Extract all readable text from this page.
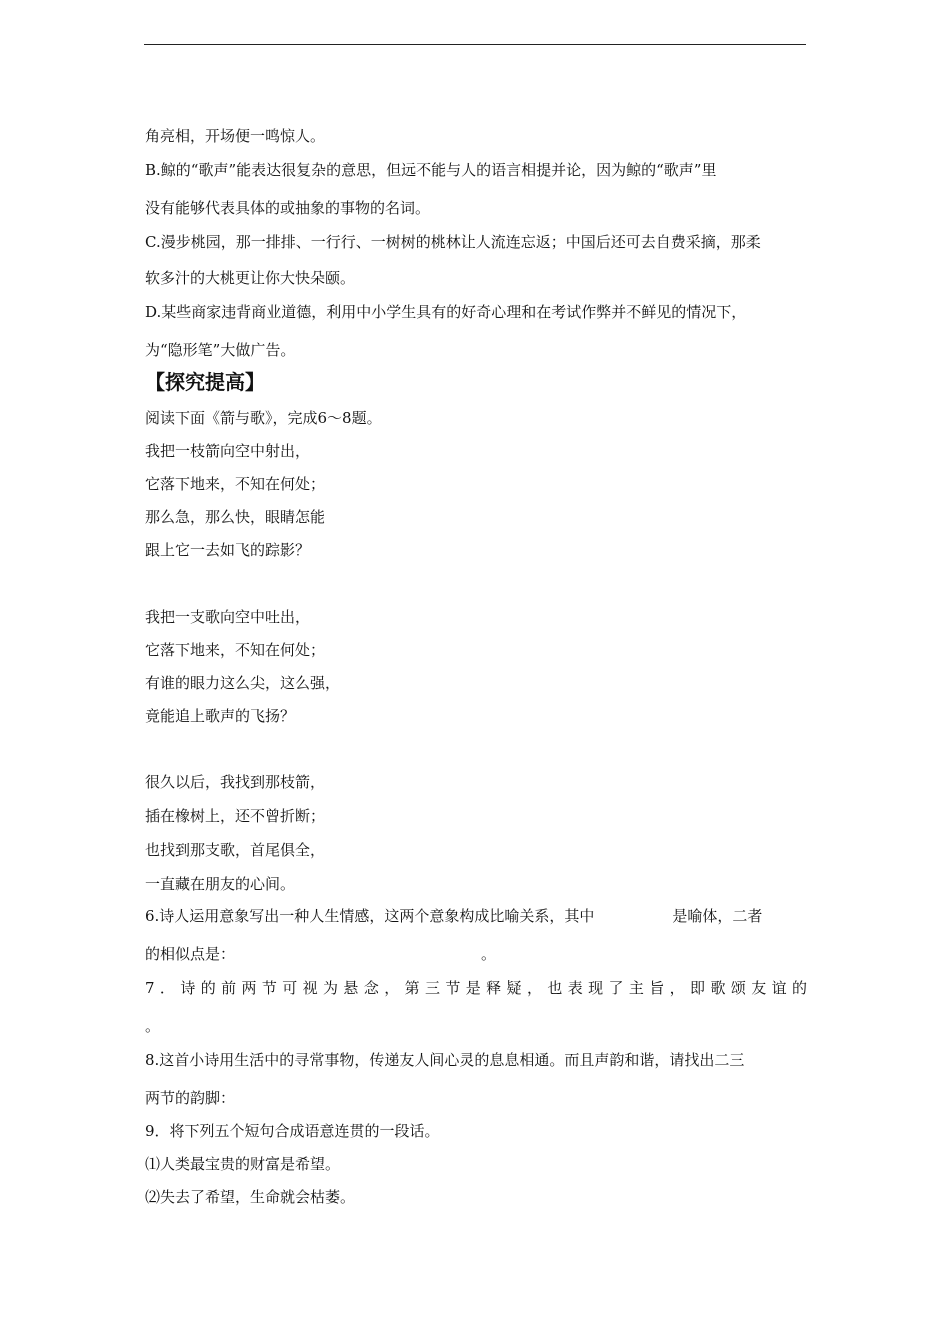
角亮相，开场便一鸣惊人。
B.鲸的“歌声”能表达很复杂的意思，但远不能与人的语言相提并论，因为鲸的“歌声”里
没有能够代表具体的或抽象的事物的名词。
C.漫步桃园，那一排排、一行行、一树树的桃林让人流连忘返；中国后还可去自费采摘，那柔
软多汁的大桃更让你大快朵颐。
D.某些商家违背商业道德，利用中小学生具有的好奇心理和在考试作弊并不鲜见的情况下，
为“隐形笔”大做广告。
【探究提高】
阅读下面《箭与歌》，完成6～8题。
我把一枝箭向空中射出，
它落下地来，不知在何处；
那么急，那么快，眼睛怎能
跟上它一去如飞的踪影？
我把一支歌向空中吐出，
它落下地来，不知在何处；
有谁的眼力这么尖，这么强，
竟能追上歌声的飞扬？
很久以后，我找到那枝箭，
插在橡树上，还不曾折断；
也找到那支歌，首尾俱全，
一直藏在朋友的心间。
6.诗人运用意象写出一种人生情感，这两个意象构成比喻关系，其中	是喻体，二者
的相似点是：	。
7．诗的前两节可视为悬念，第三节是释疑，也表现了主旨，即歌颂友谊的
。
8.这首小诗用生活中的寻常事物，传递友人间心灵的息息相通。而且声韵和谐，请找出二三
两节的韵脚：
9．将下列五个短句合成语意连贯的一段话。
⑴人类最宝贵的财富是希望。
⑵失去了希望，生命就会枯萎。
